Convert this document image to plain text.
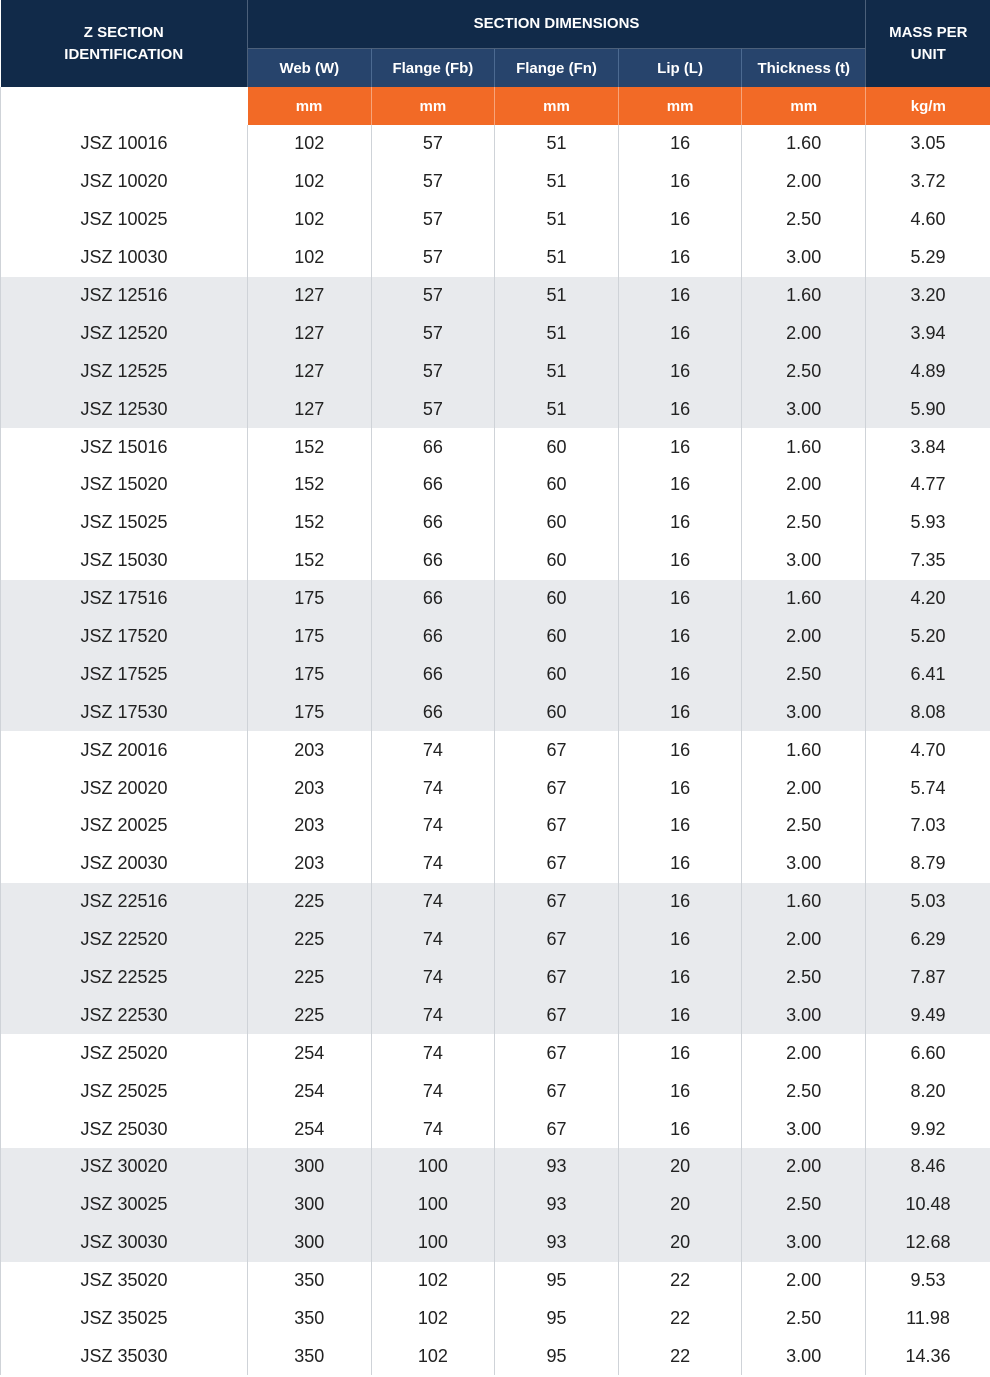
Z SECTION IDENTIFICATION	SECTION DIMENSIONS					MASS PER UNIT

	Web (W)	Flange (Fb)	Flange (Fn)	Lip (L)	Thickness (t)	
	mm	mm	mm	mm	mm	kg/m
JSZ 10016	102	57	51	16	1.60	3.05
JSZ 10020	102	57	51	16	2.00	3.72
JSZ 10025	102	57	51	16	2.50	4.60
JSZ 10030	102	57	51	16	3.00	5.29
JSZ 12516	127	57	51	16	1.60	3.20
JSZ 12520	127	57	51	16	2.00	3.94
JSZ 12525	127	57	51	16	2.50	4.89
JSZ 12530	127	57	51	16	3.00	5.90
JSZ 15016	152	66	60	16	1.60	3.84
JSZ 15020	152	66	60	16	2.00	4.77
JSZ 15025	152	66	60	16	2.50	5.93
JSZ 15030	152	66	60	16	3.00	7.35
JSZ 17516	175	66	60	16	1.60	4.20
JSZ 17520	175	66	60	16	2.00	5.20
JSZ 17525	175	66	60	16	2.50	6.41
JSZ 17530	175	66	60	16	3.00	8.08
JSZ 20016	203	74	67	16	1.60	4.70
JSZ 20020	203	74	67	16	2.00	5.74
JSZ 20025	203	74	67	16	2.50	7.03
JSZ 20030	203	74	67	16	3.00	8.79
JSZ 22516	225	74	67	16	1.60	5.03
JSZ 22520	225	74	67	16	2.00	6.29
JSZ 22525	225	74	67	16	2.50	7.87
JSZ 22530	225	74	67	16	3.00	9.49
JSZ 25020	254	74	67	16	2.00	6.60
JSZ 25025	254	74	67	16	2.50	8.20
JSZ 25030	254	74	67	16	3.00	9.92
JSZ 30020	300	100	93	20	2.00	8.46
JSZ 30025	300	100	93	20	2.50	10.48
JSZ 30030	300	100	93	20	3.00	12.68
JSZ 35020	350	102	95	22	2.00	9.53
JSZ 35025	350	102	95	22	2.50	11.98
JSZ 35030	350	102	95	22	3.00	14.36
